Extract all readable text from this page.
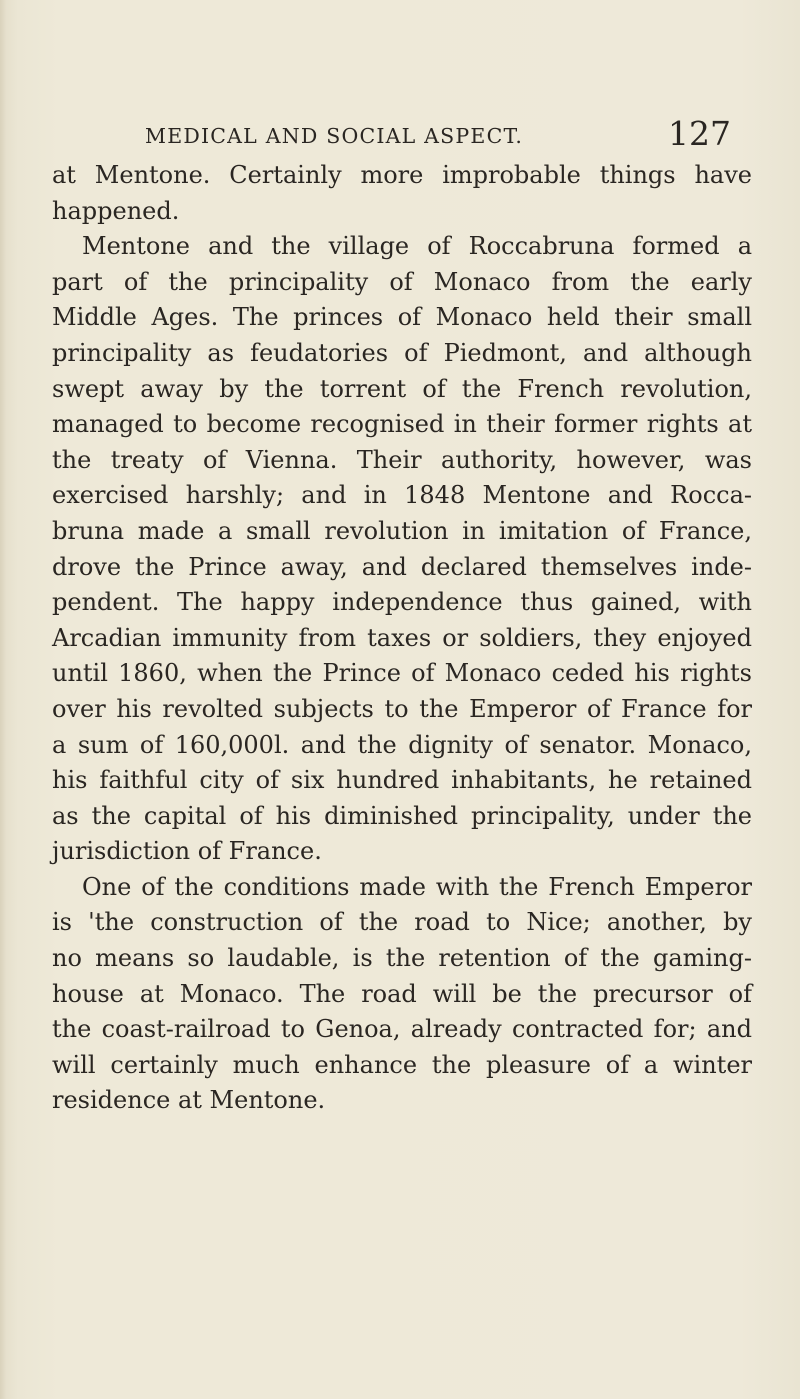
MEDICAL AND SOCIAL ASPECT.	127
at Mentone. Certainly more improbable things have
happened.
Mentone and the village of Roccabruna formed a
part of the principality of Monaco from the early
Middle Ages. The princes of Monaco held their small
principality as feudatories of Piedmont, and although
swept away by the torrent of the French revolution,
managed to become recognised in their former rights at
the treaty of Vienna. Their authority, however, was
exercised harshly; and in 1848 Mentone and Rocca-
bruna made a small revolution in imitation of France,
drove the Prince away, and declared themselves inde-
pendent. The happy independence thus gained, with
Arcadian immunity from taxes or soldiers, they enjoyed
until 1860, when the Prince of Monaco ceded his rights
over his revolted subjects to the Emperor of France for
a sum of 160,000l. and the dignity of senator. Monaco,
his faithful city of six hundred inhabitants, he retained
as the capital of his diminished principality, under the
jurisdiction of France.
One of the conditions made with the French Emperor
is 'the construction of the road to Nice; another, by
no means so laudable, is the retention of the gaming-
house at Monaco. The road will be the precursor of
the coast-railroad to Genoa, already contracted for; and
will certainly much enhance the pleasure of a winter
residence at Mentone.
